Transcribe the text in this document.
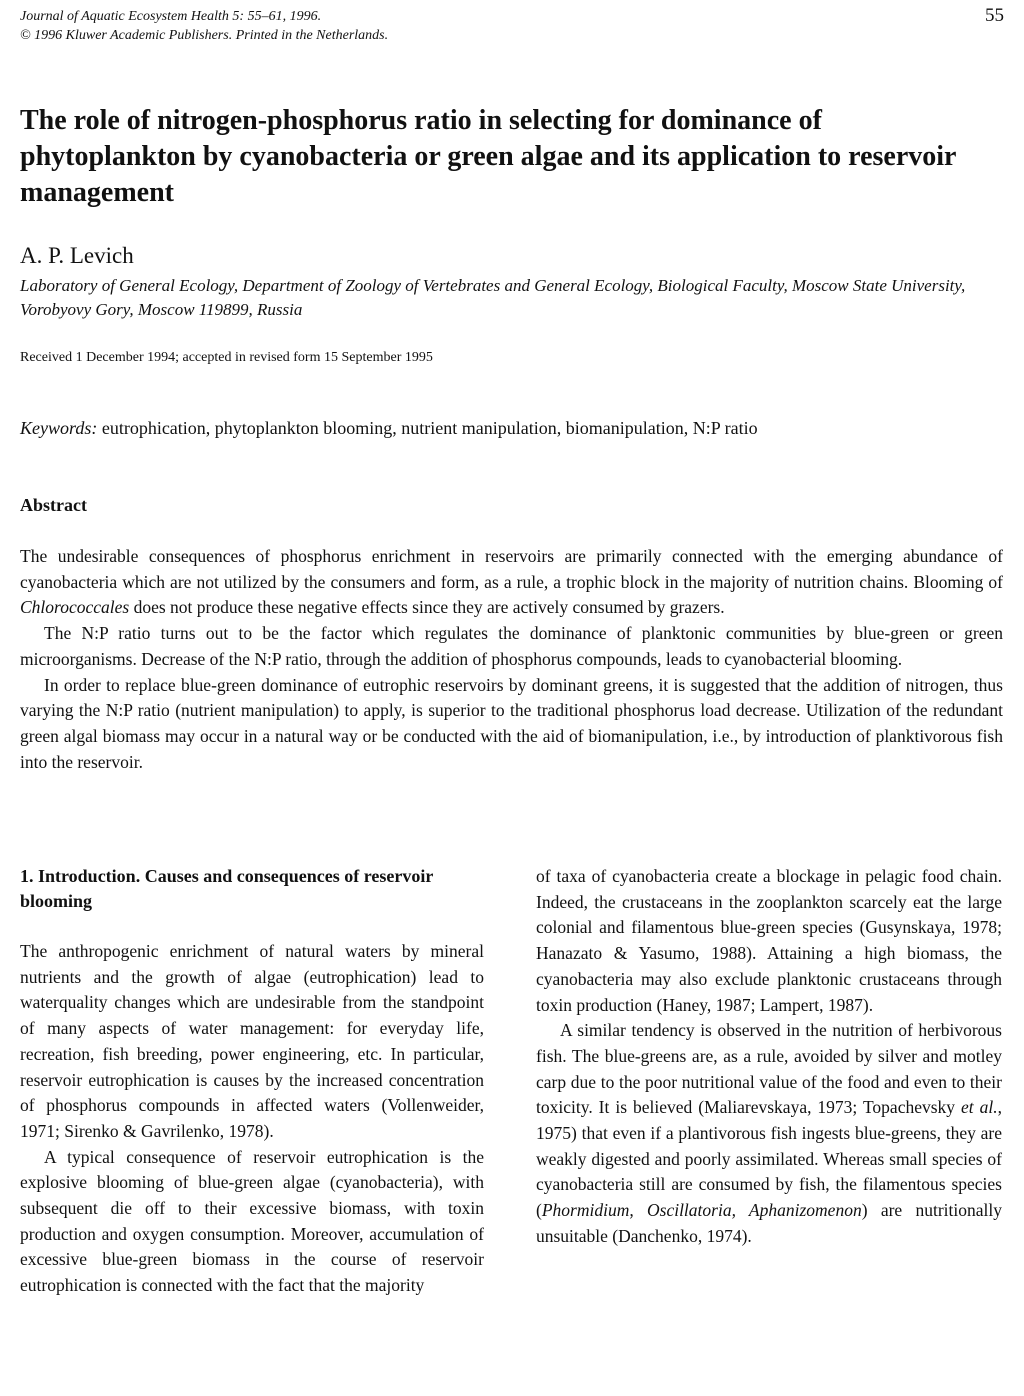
Journal of Aquatic Ecosystem Health 5: 55–61, 1996.
© 1996 Kluwer Academic Publishers. Printed in the Netherlands.
55
The role of nitrogen-phosphorus ratio in selecting for dominance of phytoplankton by cyanobacteria or green algae and its application to reservoir management
A. P. Levich
Laboratory of General Ecology, Department of Zoology of Vertebrates and General Ecology, Biological Faculty, Moscow State University, Vorobyovy Gory, Moscow 119899, Russia
Received 1 December 1994; accepted in revised form 15 September 1995
Keywords: eutrophication, phytoplankton blooming, nutrient manipulation, biomanipulation, N:P ratio
Abstract

The undesirable consequences of phosphorus enrichment in reservoirs are primarily connected with the emerging abundance of cyanobacteria which are not utilized by the consumers and form, as a rule, a trophic block in the majority of nutrition chains. Blooming of Chlorococcales does not produce these negative effects since they are actively consumed by grazers.

The N:P ratio turns out to be the factor which regulates the dominance of planktonic communities by blue-green or green microorganisms. Decrease of the N:P ratio, through the addition of phosphorus compounds, leads to cyanobacterial blooming.

In order to replace blue-green dominance of eutrophic reservoirs by dominant greens, it is suggested that the addition of nitrogen, thus varying the N:P ratio (nutrient manipulation) to apply, is superior to the traditional phosphorus load decrease. Utilization of the redundant green algal biomass may occur in a natural way or be conducted with the aid of biomanipulation, i.e., by introduction of planktivorous fish into the reservoir.

1. Introduction. Causes and consequences of reservoir blooming

The anthropogenic enrichment of natural waters by mineral nutrients and the growth of algae (eutrophication) lead to waterquality changes which are undesirable from the standpoint of many aspects of water management: for everyday life, recreation, fish breeding, power engineering, etc. In particular, reservoir eutrophication is causes by the increased concentration of phosphorus compounds in affected waters (Vollenweider, 1971; Sirenko & Gavrilenko, 1978).

A typical consequence of reservoir eutrophication is the explosive blooming of blue-green algae (cyanobacteria), with subsequent die off to their excessive biomass, with toxin production and oxygen consumption. Moreover, accumulation of excessive blue-green biomass in the course of reservoir eutrophication is connected with the fact that the majority

of taxa of cyanobacteria create a blockage in pelagic food chain. Indeed, the crustaceans in the zooplankton scarcely eat the large colonial and filamentous blue-green species (Gusynskaya, 1978; Hanazato & Yasumo, 1988). Attaining a high biomass, the cyanobacteria may also exclude planktonic crustaceans through toxin production (Haney, 1987; Lampert, 1987).

A similar tendency is observed in the nutrition of herbivorous fish. The blue-greens are, as a rule, avoided by silver and motley carp due to the poor nutritional value of the food and even to their toxicity. It is believed (Maliarevskaya, 1973; Topachevsky et al., 1975) that even if a plantivorous fish ingests blue-greens, they are weakly digested and poorly assimilated. Whereas small species of cyanobacteria still are consumed by fish, the filamentous species (Phormidium, Oscillatoria, Aphanizomenon) are nutritionally unsuitable (Danchenko, 1974).
